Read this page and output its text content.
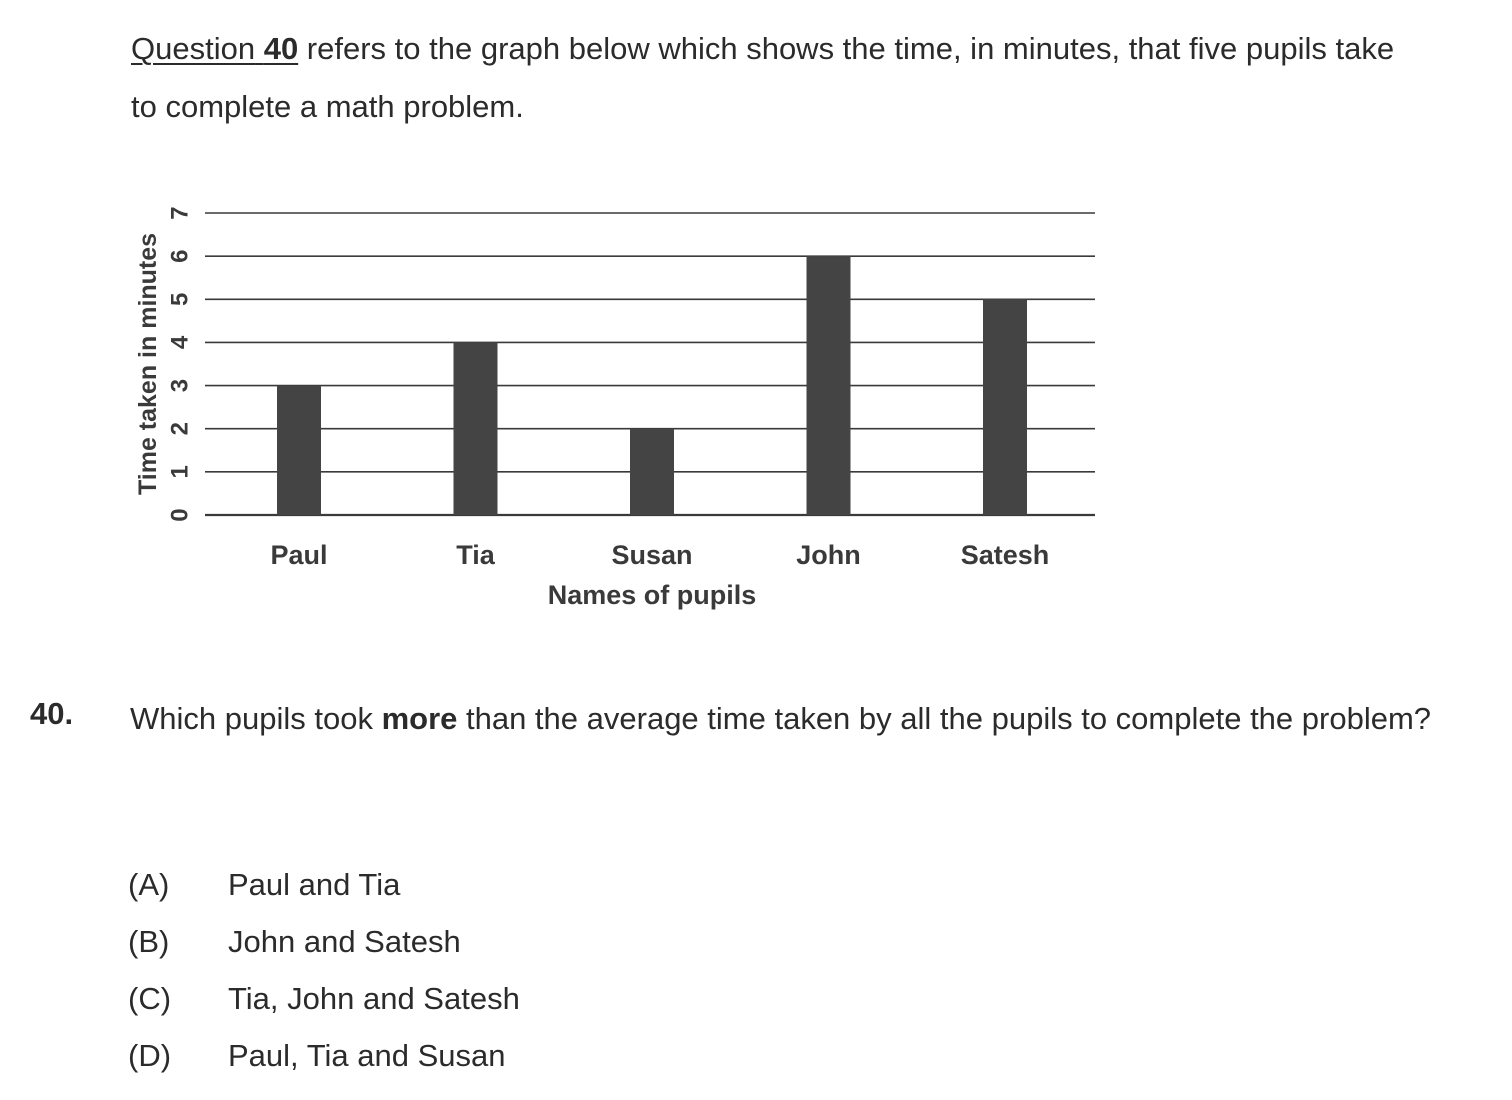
Question 40 refers to the graph below which shows the time, in minutes, that five pupils take to complete a math problem.
0
1
2
3
4
5
6
7
Paul	Tia	Susan	John	Satesh
Time taken in minutes
Names of pupils
40. Which pupils took more than the average time taken by all the pupils to complete the problem?
(A)	Paul and Tia
(B)	John and Satesh
(C)	Tia, John and Satesh
(D)	Paul, Tia and Susan
